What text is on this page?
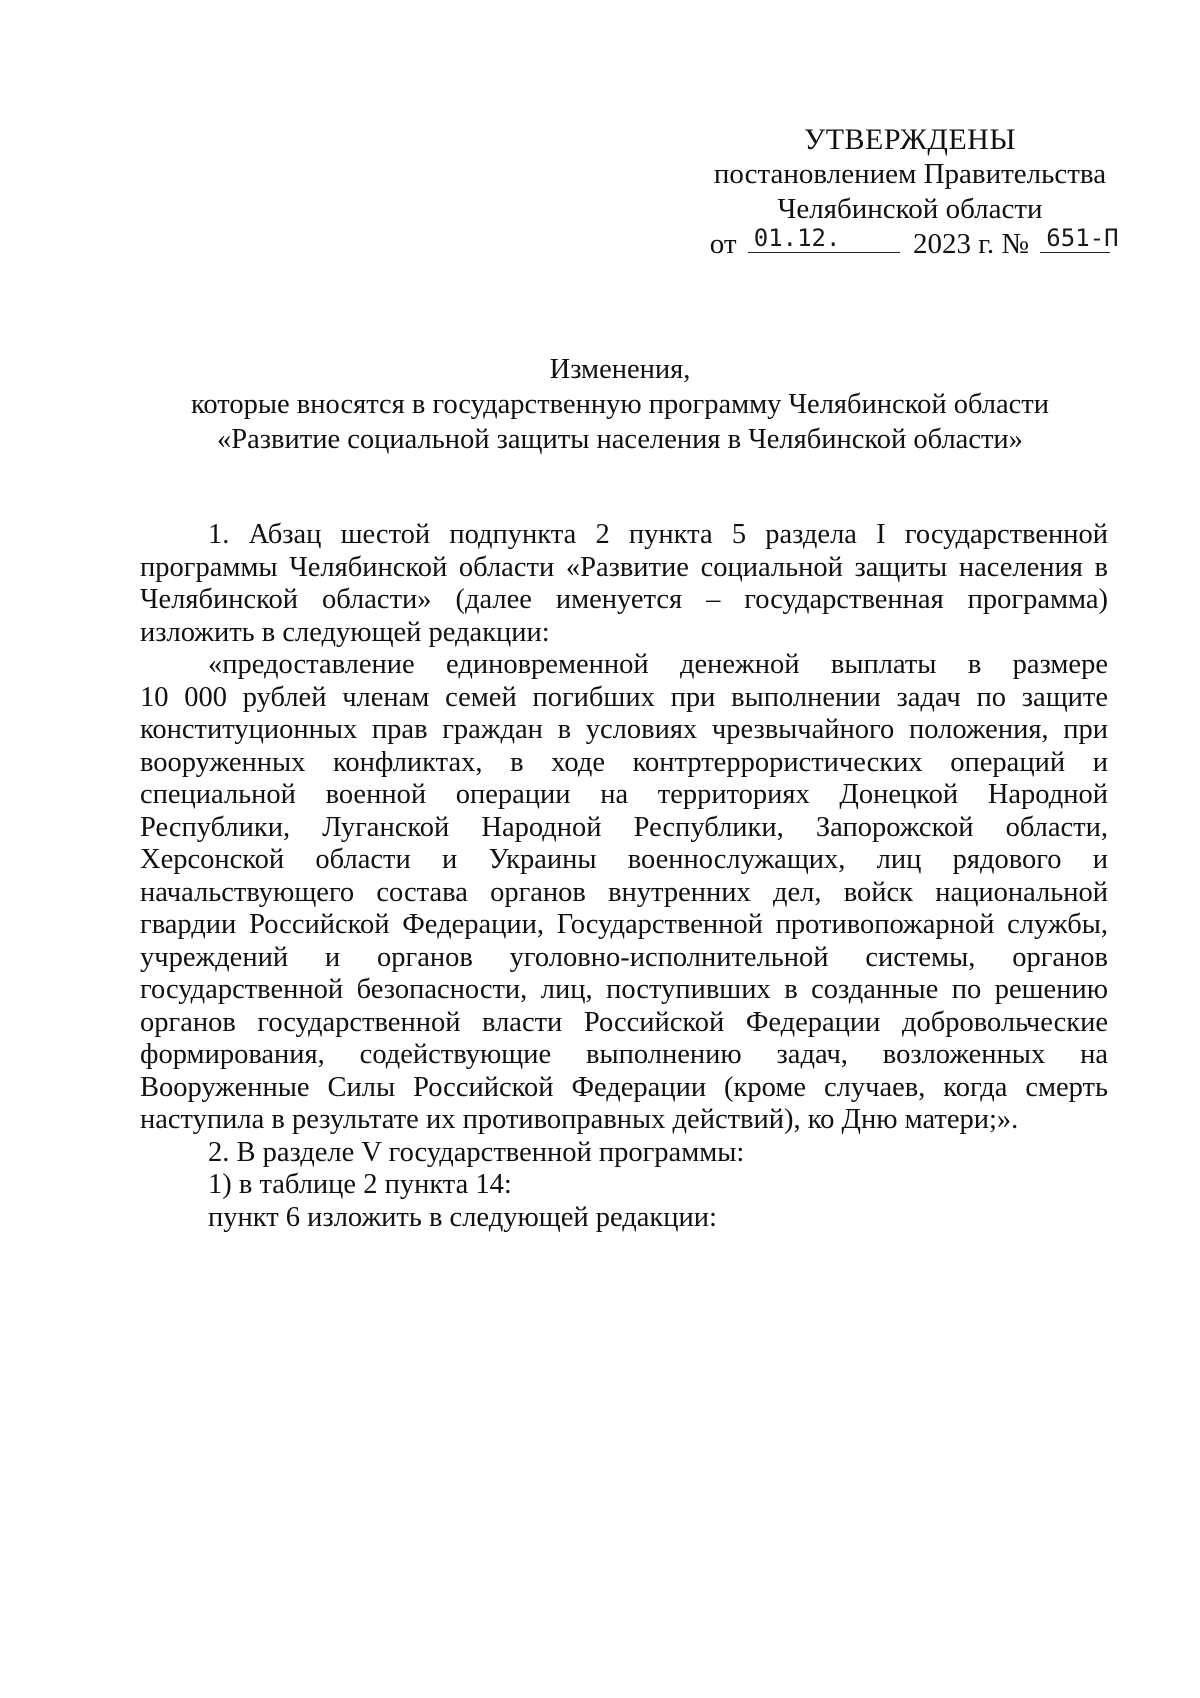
УТВЕРЖДЕНЫ
постановлением Правительства
Челябинской области
от 01.12.	2023 г. № 651-П
Изменения,
которые вносятся в государственную программу Челябинской области
«Развитие социальной защиты населения в Челябинской области»
1. Абзац шестой подпункта 2 пункта 5 раздела I государственной
программы Челябинской области «Развитие социальной защиты населения в
Челябинской области» (далее именуется – государственная программа)
изложить в следующей редакции:
«предоставление единовременной денежной выплаты в размере
10 000 рублей членам семей погибших при выполнении задач по защите
конституционных прав граждан в условиях чрезвычайного положения, при
вооруженных конфликтах, в ходе контртеррористических операций и
специальной военной операции на территориях Донецкой Народной
Республики, Луганской Народной Республики, Запорожской области,
Херсонской области и Украины военнослужащих, лиц рядового и
начальствующего состава органов внутренних дел, войск национальной
гвардии Российской Федерации, Государственной противопожарной службы,
учреждений и органов уголовно-исполнительной системы, органов
государственной безопасности, лиц, поступивших в созданные по решению
органов государственной власти Российской Федерации добровольческие
формирования, содействующие выполнению задач, возложенных на
Вооруженные Силы Российской Федерации (кроме случаев, когда смерть
наступила в результате их противоправных действий), ко Дню матери;».
2. В разделе V государственной программы:
1) в таблице 2 пункта 14:
пункт 6 изложить в следующей редакции:
